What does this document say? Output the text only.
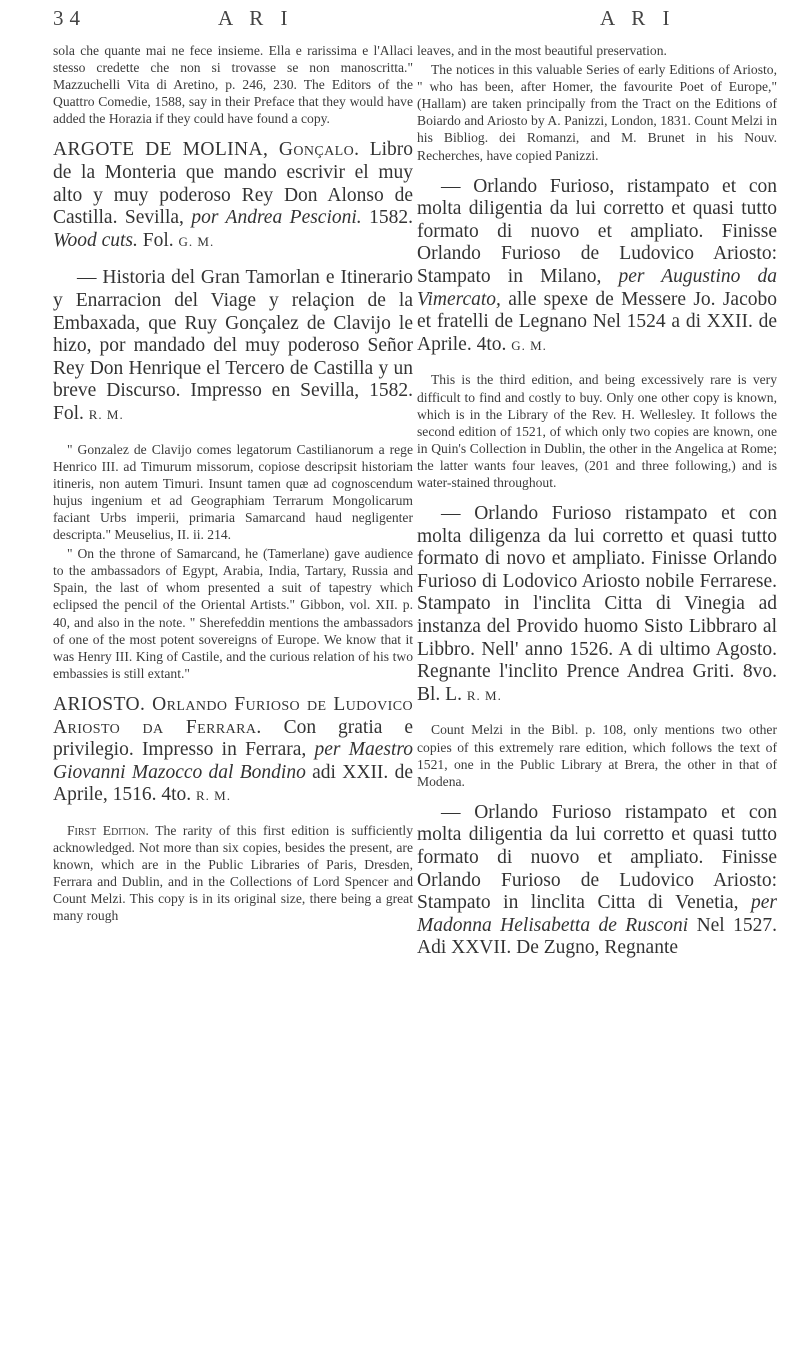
34	A R I	A R I

sola che quante mai ne fece insieme. Ella e rarissima e l'Allaci stesso credette che non si trovasse se non manoscritta." Mazzuchelli Vita di Aretino, p. 246, 230. The Editors of the Quattro Comedie, 1588, say in their Preface that they would have added the Horazia if they could have found a copy.

ARGOTE DE MOLINA, Gonçalo. Libro de la Monteria que mando escrivir el muy alto y muy poderoso Rey Don Alonso de Castilla. Sevilla, por Andrea Pescioni. 1582. Wood cuts. Fol. G. M.
— Historia del Gran Tamorlan e Itinerario y Enarracion del Viage y relaçion de la Embaxada, que Ruy Gonçalez de Clavijo le hizo, por mandado del muy poderoso Señor Rey Don Henrique el Tercero de Castilla y un breve Discurso. Impresso en Sevilla, 1582. Fol. R. M.

" Gonzalez de Clavijo comes legatorum Castilianorum a rege Henrico III. ad Timurum missorum, copiose descripsit historiam itineris, non autem Timuri. Insunt tamen quæ ad cognoscendum hujus ingenium et ad Geographiam Terrarum Mongolicarum faciant Urbs imperii, primaria Samarcand haud negligenter descripta." Meuselius, II. ii. 214.

" On the throne of Samarcand, he (Tamerlane) gave audience to the ambassadors of Egypt, Arabia, India, Tartary, Russia and Spain, the last of whom presented a suit of tapestry which eclipsed the pencil of the Oriental Artists." Gibbon, vol. XII. p. 40, and also in the note. " Sherefeddin mentions the ambassadors of one of the most potent sovereigns of Europe. We know that it was Henry III. King of Castile, and the curious relation of his two embassies is still extant."

ARIOSTO. Orlando Furioso de Ludovico Ariosto da Ferrara. Con gratia e privilegio. Impresso in Ferrara, per Maestro Giovanni Mazocco dal Bondino adi XXII. de Aprile, 1516. 4to. R. M.

First Edition. The rarity of this first edition is sufficiently acknowledged. Not more than six copies, besides the present, are known, which are in the Public Libraries of Paris, Dresden, Ferrara and Dublin, and in the Collections of Lord Spencer and Count Melzi. This copy is in its original size, there being a great many rough

leaves, and in the most beautiful preservation.

The notices in this valuable Series of early Editions of Ariosto, " who has been, after Homer, the favourite Poet of Europe," (Hallam) are taken principally from the Tract on the Editions of Boiardo and Ariosto by A. Panizzi, London, 1831. Count Melzi in his Bibliog. dei Romanzi, and M. Brunet in his Nouv. Recherches, have copied Panizzi.

— Orlando Furioso, ristampato et con molta diligentia da lui corretto et quasi tutto formato di nuovo et ampliato. Finisse Orlando Furioso de Ludovico Ariosto: Stampato in Milano, per Augustino da Vimercato, alle spexe de Messere Jo. Jacobo et fratelli de Legnano Nel 1524 a di XXII. de Aprile. 4to. G. M.

This is the third edition, and being excessively rare is very difficult to find and costly to buy. Only one other copy is known, which is in the Library of the Rev. H. Wellesley. It follows the second edition of 1521, of which only two copies are known, one in Quin's Collection in Dublin, the other in the Angelica at Rome; the latter wants four leaves, (201 and three following,) and is water-stained throughout.

— Orlando Furioso ristampato et con molta diligenza da lui corretto et quasi tutto formato di novo et ampliato. Finisse Orlando Furioso di Lodovico Ariosto nobile Ferrarese. Stampato in l'inclita Citta di Vinegia ad instanza del Provido huomo Sisto Libbraro al Libbro. Nell' anno 1526. A di ultimo Agosto. Regnante l'inclito Prence Andrea Griti. 8vo. Bl. L. R. M.

Count Melzi in the Bibl. p. 108, only mentions two other copies of this extremely rare edition, which follows the text of 1521, one in the Public Library at Brera, the other in that of Modena.

— Orlando Furioso ristampato et con molta diligentia da lui corretto et quasi tutto formato di nuovo et ampliato. Finisse Orlando Furioso de Ludovico Ariosto: Stampato in linclita Citta di Venetia, per Madonna Helisabetta de Rusconi Nel 1527. Adi XXVII. De Zugno, Regnante
